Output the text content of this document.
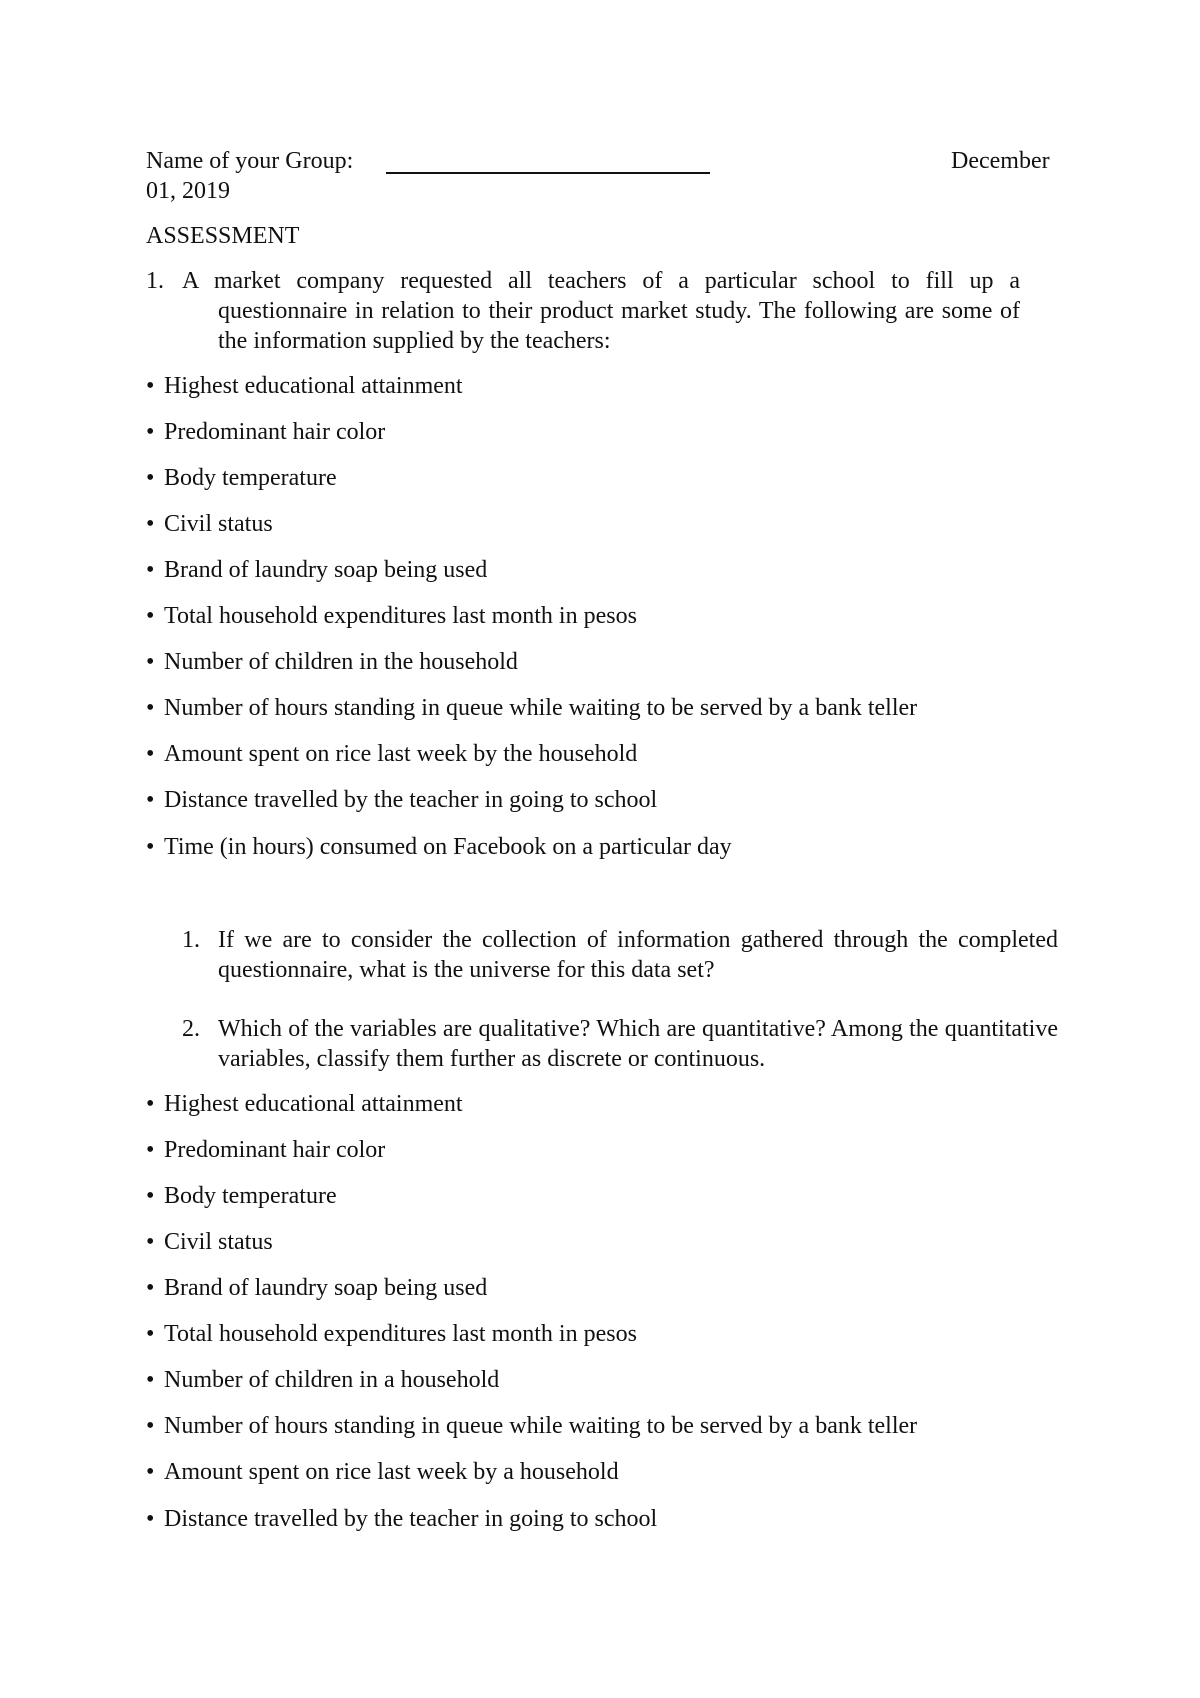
Name of your Group:	December
01, 2019
ASSESSMENT
1. A market company requested all teachers of a particular school to fill up a questionnaire in relation to their product market study. The following are some of the information supplied by the teachers:
• Highest educational attainment
• Predominant hair color
• Body temperature
• Civil status
• Brand of laundry soap being used
• Total household expenditures last month in pesos
• Number of children in the household
• Number of hours standing in queue while waiting to be served by a bank teller
• Amount spent on rice last week by the household
• Distance travelled by the teacher in going to school
• Time (in hours) consumed on Facebook on a particular day
1. If we are to consider the collection of information gathered through the completed questionnaire, what is the universe for this data set?
2. Which of the variables are qualitative? Which are quantitative? Among the quantitative variables, classify them further as discrete or continuous.
• Highest educational attainment
• Predominant hair color
• Body temperature
• Civil status
• Brand of laundry soap being used
• Total household expenditures last month in pesos
• Number of children in a household
• Number of hours standing in queue while waiting to be served by a bank teller
• Amount spent on rice last week by a household
• Distance travelled by the teacher in going to school
